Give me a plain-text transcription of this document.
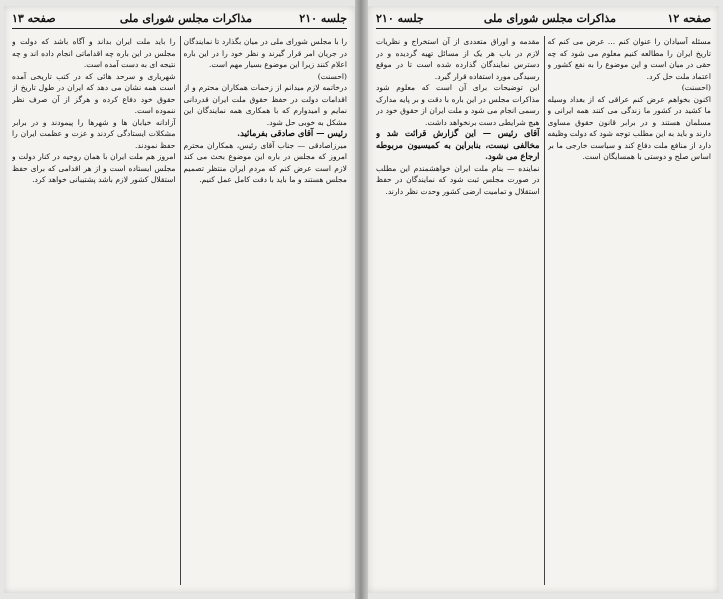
جلسه ۲۱۰
مذاکرات مجلس شورای ملی
صفحه ۱۳

را با مجلس شورای ملی در میان بگذارد تا نمایندگان در جریان امر قرار گیرند و نظر خود را در این باره اعلام کنند زیرا این موضوع بسیار مهم است.

(احسنت)

درخاتمه لازم میدانم از زحمات همکاران محترم و از اقدامات دولت در حفظ حقوق ملت ایران قدردانی نمایم و امیدوارم که با همکاری همه نمایندگان این مشکل به خوبی حل شود.

رئیس — آقای صادقی بفرمائید.

میرزاصادقی — جناب آقای رئیس، همکاران محترم امروز که مجلس در باره این موضوع بحث می کند لازم است عرض کنم که مردم ایران منتظر تصمیم مجلس هستند و ما باید با دقت کامل عمل کنیم.

را باید ملت ایران بداند و آگاه باشد که دولت و مجلس در این باره چه اقداماتی انجام داده اند و چه نتیجه ای به دست آمده است.

شهریاری و سرحد هائی که در کتب تاریخی آمده است همه نشان می دهد که ایران در طول تاریخ از حقوق خود دفاع کرده و هرگز از آن صرف نظر ننموده است.

آزادانه خیابان ها و شهرها را پیمودند و در برابر مشکلات ایستادگی کردند و عزت و عظمت ایران را حفظ نمودند.

امروز هم ملت ایران با همان روحیه در کنار دولت و مجلس ایستاده است و از هر اقدامی که برای حفظ استقلال کشور لازم باشد پشتیبانی خواهد کرد.

صفحه ۱۲
مذاکرات مجلس شورای ملی
جلسه ۲۱۰

مسئله آسیادان را عنوان کنم ... عرض می کنم که تاریخ ایران را مطالعه کنیم معلوم می شود که چه حقی در میان است و این موضوع را به نفع کشور و اعتماد ملت حل کرد.

(احسنت)

اکنون بخواهم عرض کنم عراقی که از بغداد وسیله ما کشید در کشور ما زندگی می کنند همه ایرانی و مسلمان هستند و در برابر قانون حقوق مساوی دارند و باید به این مطلب توجه شود که دولت وظیفه دارد از منافع ملت دفاع کند و سیاست خارجی ما بر اساس صلح و دوستی با همسایگان است.

مقدمه و اوراق متعددی از آن استخراج و نظریات لازم در باب هر یک از مسائل تهیه گردیده و در دسترس نمایندگان گذارده شده است تا در موقع رسیدگی مورد استفاده قرار گیرد.

این توضیحات برای آن است که معلوم شود مذاکرات مجلس در این باره با دقت و بر پایه مدارک رسمی انجام می شود و ملت ایران از حقوق خود در هیچ شرایطی دست برنخواهد داشت.

آقای رئیس — این گزارش قرائت شد و مخالفی نیست، بنابراین به کمیسیون مربوطه ارجاع می شود.

نماینده — بنام ملت ایران خواهشمندم این مطلب در صورت مجلس ثبت شود که نمایندگان در حفظ استقلال و تمامیت ارضی کشور وحدت نظر دارند.
